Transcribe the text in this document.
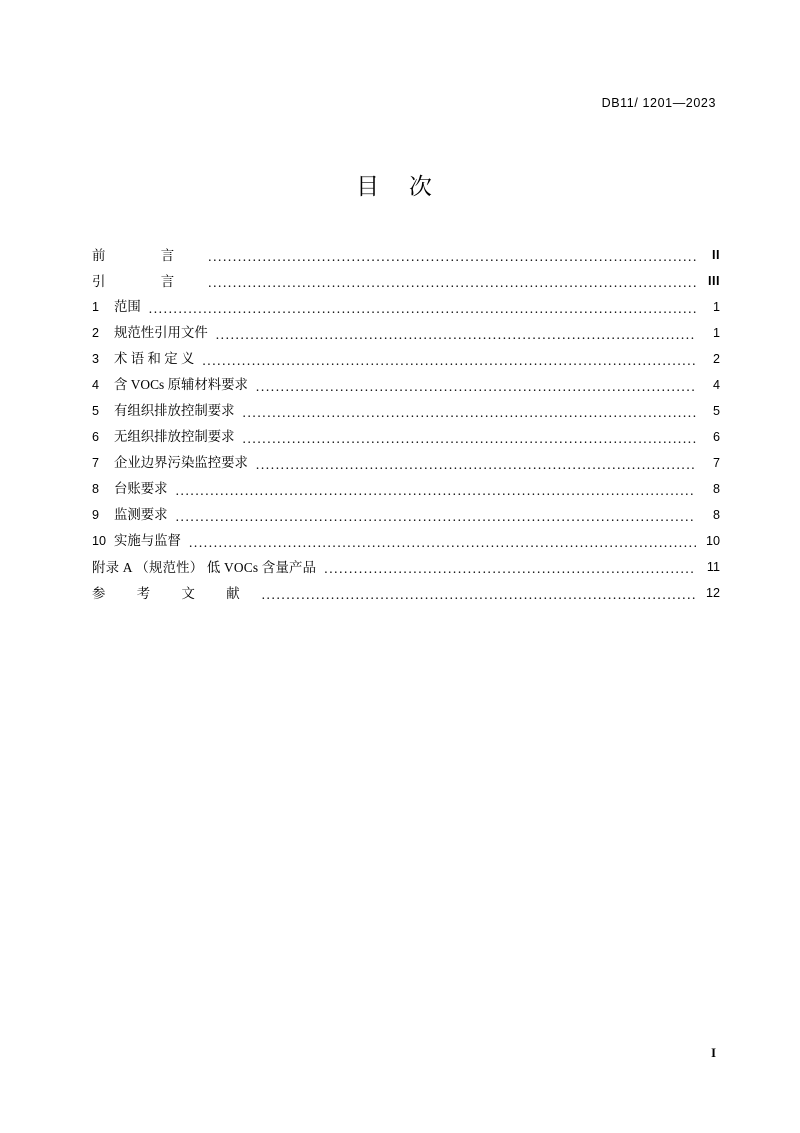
DB11/ 1201—2023
目 次
前 言 .....	II
引 言 .....	III
1	范围 .....	1
2	规范性引用文件 .....	1
3	术 语 和 定 义 .....	2
4	含 VOCs 原辅材料要求 .....	4
5	有组织排放控制要求 .....	5
6	无组织排放控制要求 .....	6
7	企业边界污染监控要求 .....	7
8	台账要求 .....	8
9	监测要求 .....	8
10 实施与监督 .....	10
附录 A （规范性） 低 VOCs 含量产品 .....	11
参 考 文 献 .....	12
I
